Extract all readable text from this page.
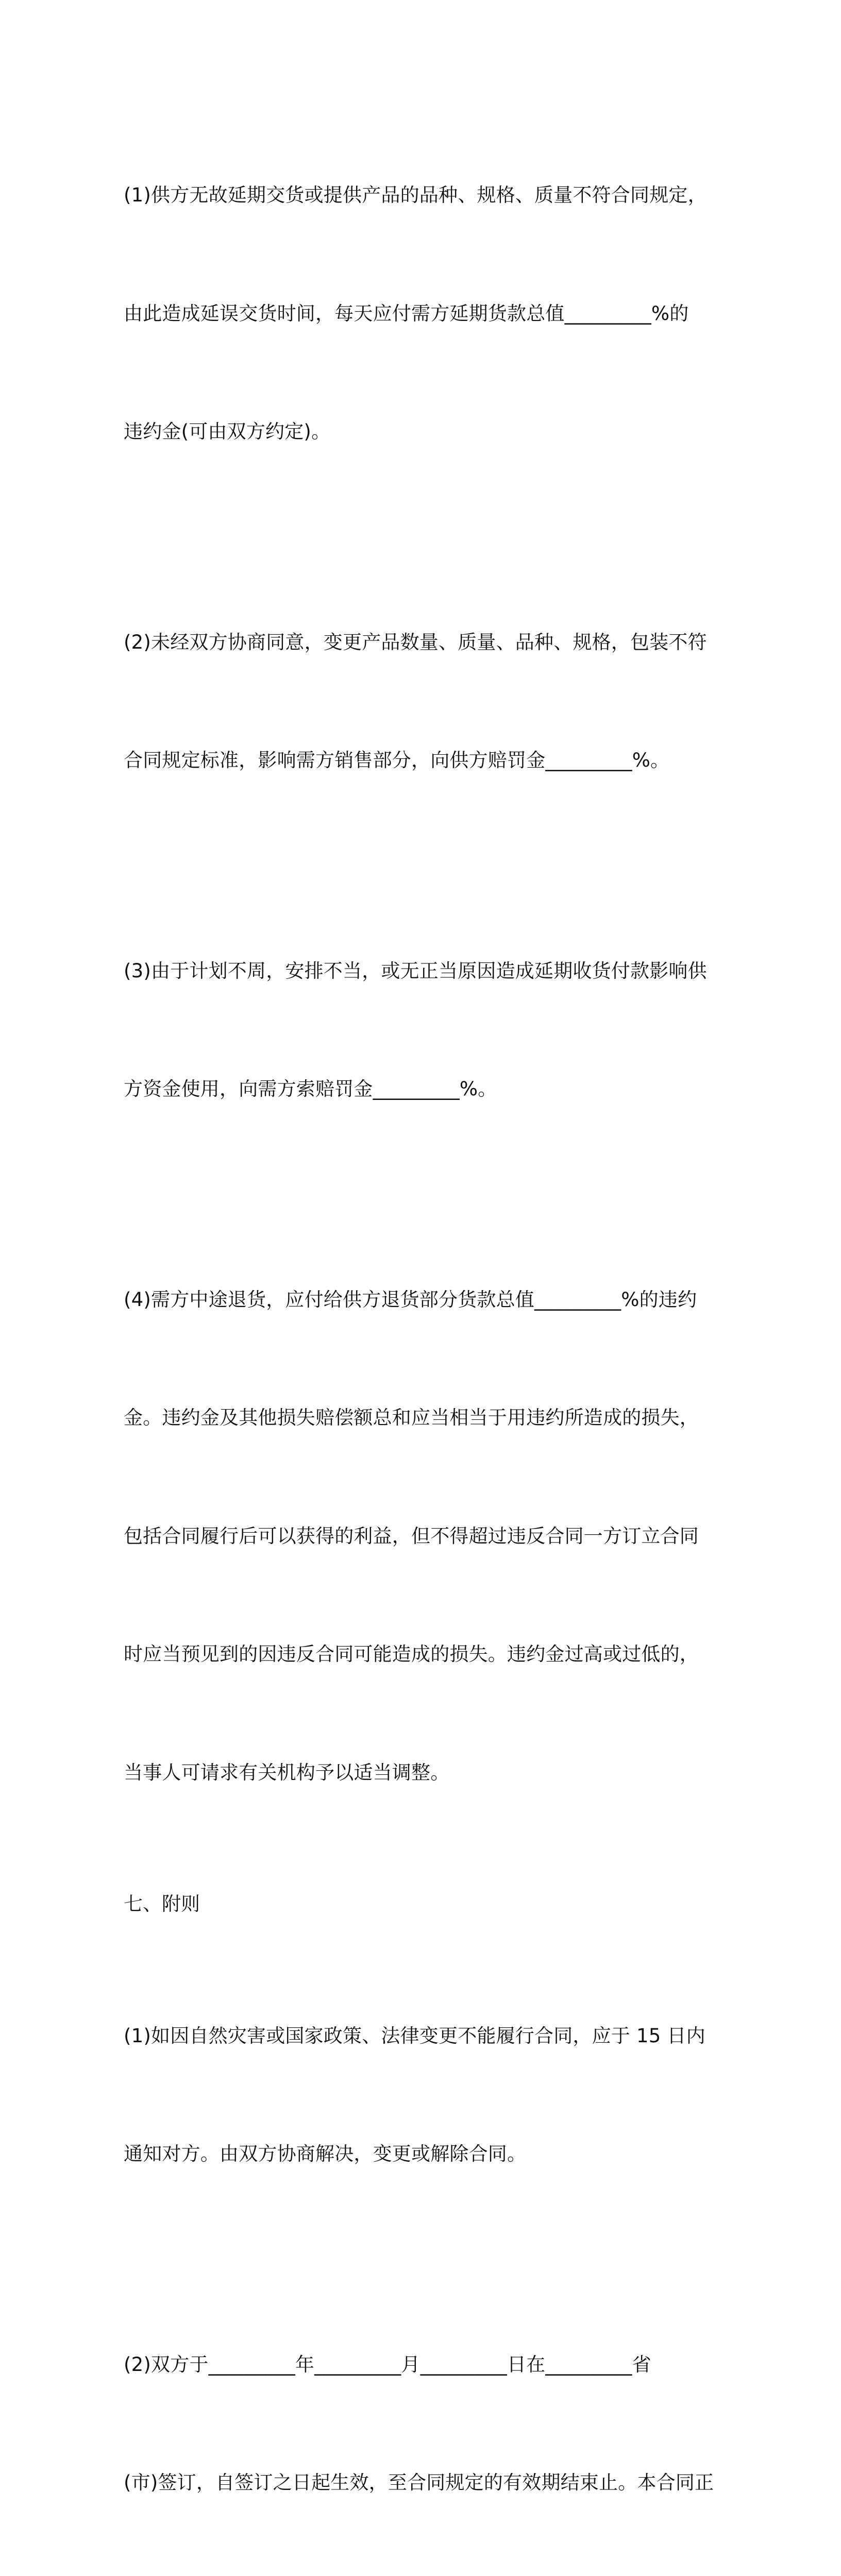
(1)供方无故延期交货或提供产品的品种、规格、质量不符合同规定，

由此造成延误交货时间，每天应付需方延期货款总值_________%的

违约金(可由双方约定)。

(2)未经双方协商同意，变更产品数量、质量、品种、规格，包装不符

合同规定标准，影响需方销售部分，向供方赔罚金_________%。

(3)由于计划不周，安排不当，或无正当原因造成延期收货付款影响供

方资金使用，向需方索赔罚金_________%。

(4)需方中途退货，应付给供方退货部分货款总值_________%的违约

金。违约金及其他损失赔偿额总和应当相当于用违约所造成的损失，

包括合同履行后可以获得的利益，但不得超过违反合同一方订立合同

时应当预见到的因违反合同可能造成的损失。违约金过高或过低的，

当事人可请求有关机构予以适当调整。

七、附则

(1)如因自然灾害或国家政策、法律变更不能履行合同，应于 15 日内

通知对方。由双方协商解决，变更或解除合同。

(2)双方于_________年_________月_________日在_________省

(市)签订，自签订之日起生效，至合同规定的有效期结束止。本合同正
